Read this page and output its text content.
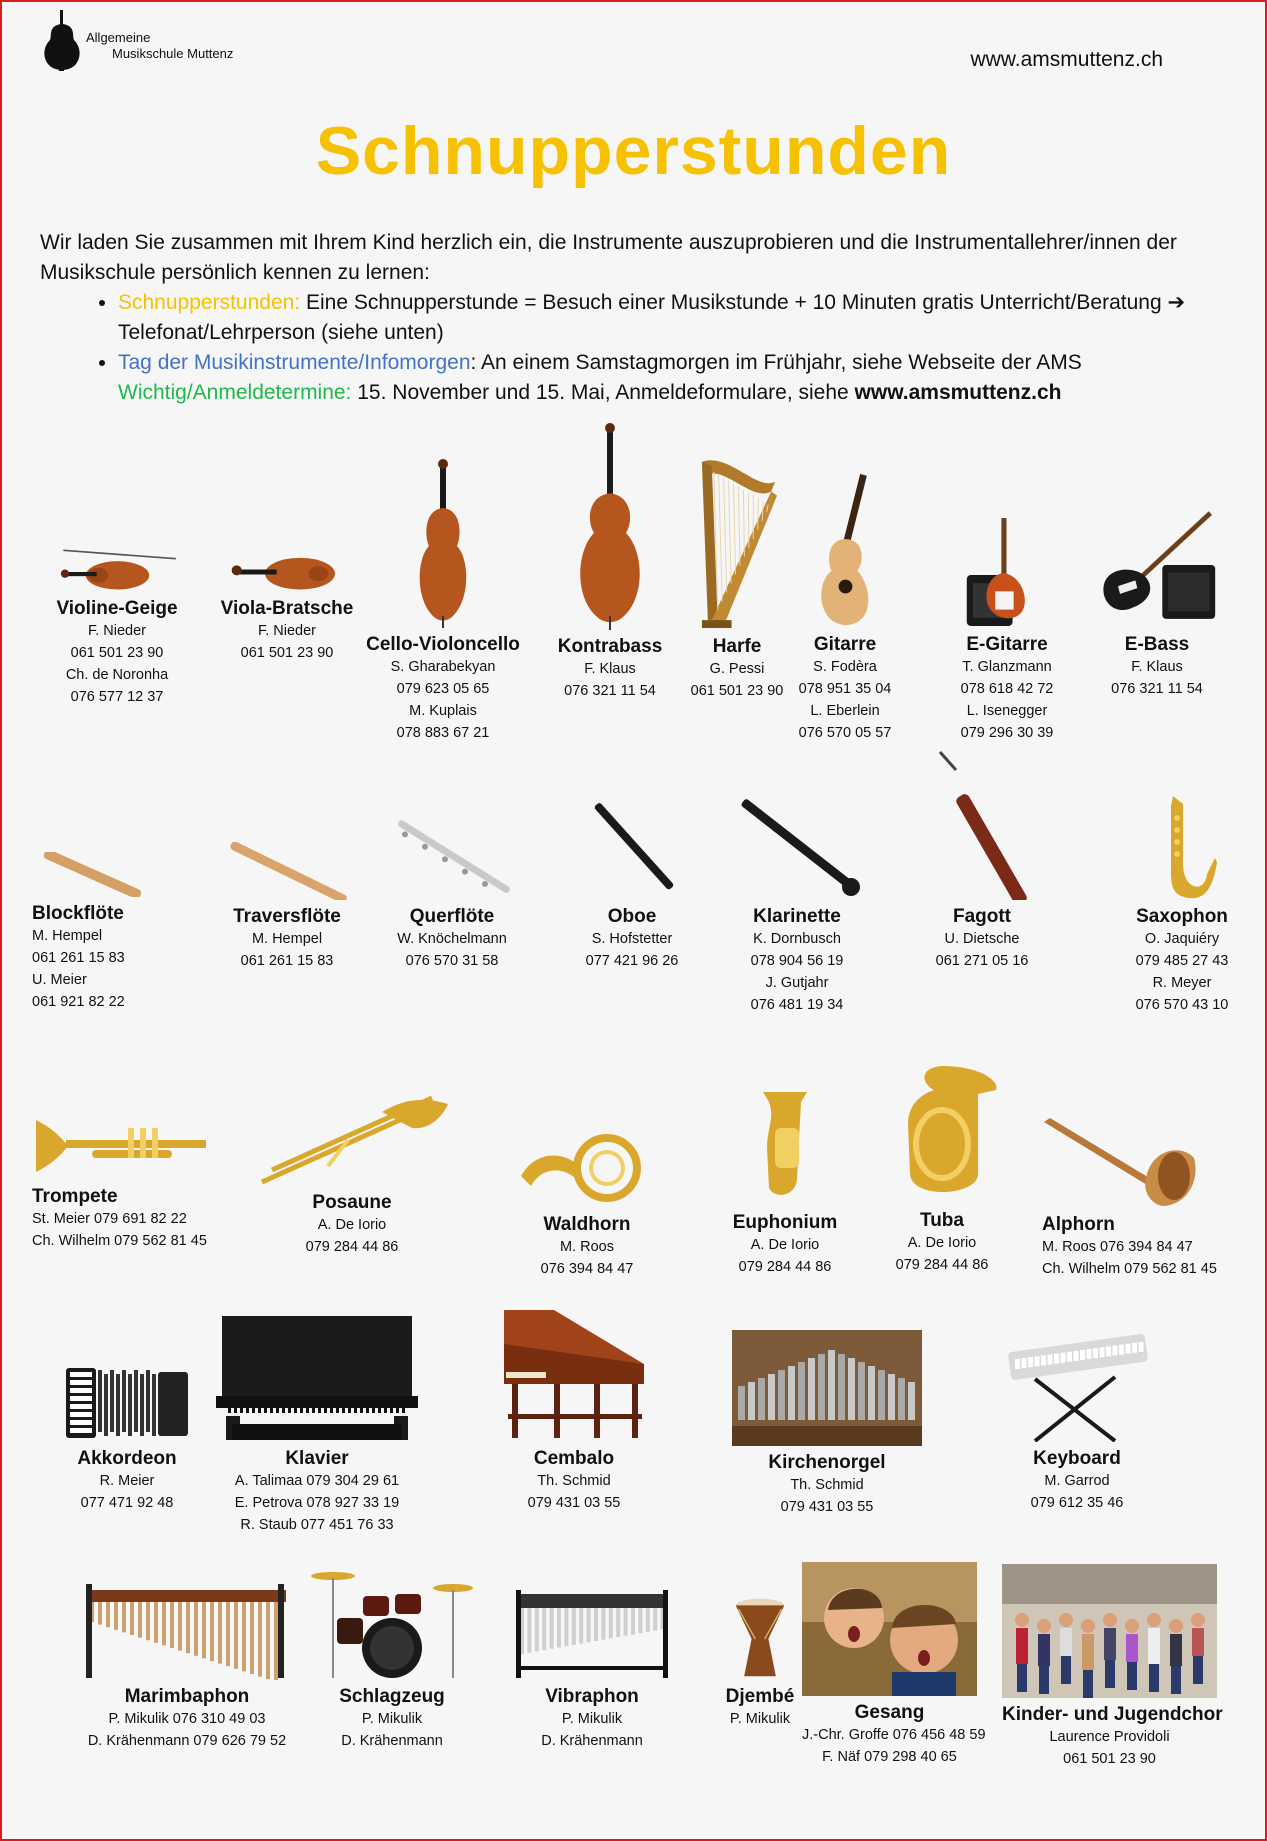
Allgemeine
Musikschule Muttenz	www.amsmuttenz.ch
Schnupperstunden
Wir laden Sie zusammen mit Ihrem Kind herzlich ein, die Instrumente auszuprobieren und die Instrumentallehrer/innen der Musikschule persönlich kennen zu lernen:
• Schnupperstunden: Eine Schnupperstunde = Besuch einer Musikstunde + 10 Minuten gratis Unterricht/Beratung ➔ Telefonat/Lehrperson (siehe unten)
• Tag der Musikinstrumente/Infomorgen: An einem Samstagmorgen im Frühjahr, siehe Webseite der AMS
Wichtig/Anmeldetermine: 15. November und 15. Mai, Anmeldeformulare, siehe www.amsmuttenz.ch
Violine-Geige
F. Nieder
061 501 23 90
Ch. de Noronha
076 577 12 37
Viola-Bratsche
F. Nieder
061 501 23 90	Cello-Violoncello
S. Gharabekyan
079 623 05 65
M. Kuplais
078 883 67 21
Kontrabass
F. Klaus
076 321 11 54
Harfe
G. Pessi
061 501 23 90
Gitarre
S. Fodèra
078 951 35 04
L. Eberlein
076 570 05 57
E-Gitarre
T. Glanzmann
078 618 42 72
L. Isenegger
079 296 30 39
E-Bass
F. Klaus
076 321 11 54
Blockflöte
M. Hempel
061 261 15 83
U. Meier
061 921 82 22
Traversflöte
M. Hempel
061 261 15 83
Querflöte
W. Knöchelmann
076 570 31 58
Oboe
S. Hofstetter
077 421 96 26
Klarinette
K. Dornbusch
078 904 56 19
J. Gutjahr
076 481 19 34
Fagott
U. Dietsche
061 271 05 16
Saxophon
O. Jaquiéry
079 485 27 43
R. Meyer
076 570 43 10
Trompete
St. Meier 079 691 82 22
Ch. Wilhelm 079 562 81 45
Posaune
A. De Iorio
079 284 44 86
Waldhorn
M. Roos
076 394 84 47
Euphonium
A. De Iorio
079 284 44 86
Tuba
A. De Iorio
079 284 44 86
Alphorn
M. Roos 076 394 84 47
Ch. Wilhelm 079 562 81 45
Akkordeon
R. Meier
077 471 92 48
Klavier
A. Talimaa 079 304 29 61
E. Petrova 078 927 33 19
R. Staub 077 451 76 33
Cembalo
Th. Schmid
079 431 03 55
Kirchenorgel
Th. Schmid
079 431 03 55
Keyboard
M. Garrod
079 612 35 46
Marimbaphon
P. Mikulik 076 310 49 03
D. Krähenmann 079 626 79 52
Schlagzeug
P. Mikulik
D. Krähenmann
Vibraphon
P. Mikulik
D. Krähenmann
Djembé
P. Mikulik	Gesang
J.-Chr. Groffe 076 456 48 59
F. Näf 079 298 40 65
Kinder- und Jugendchor
Laurence Providoli
061 501 23 90
